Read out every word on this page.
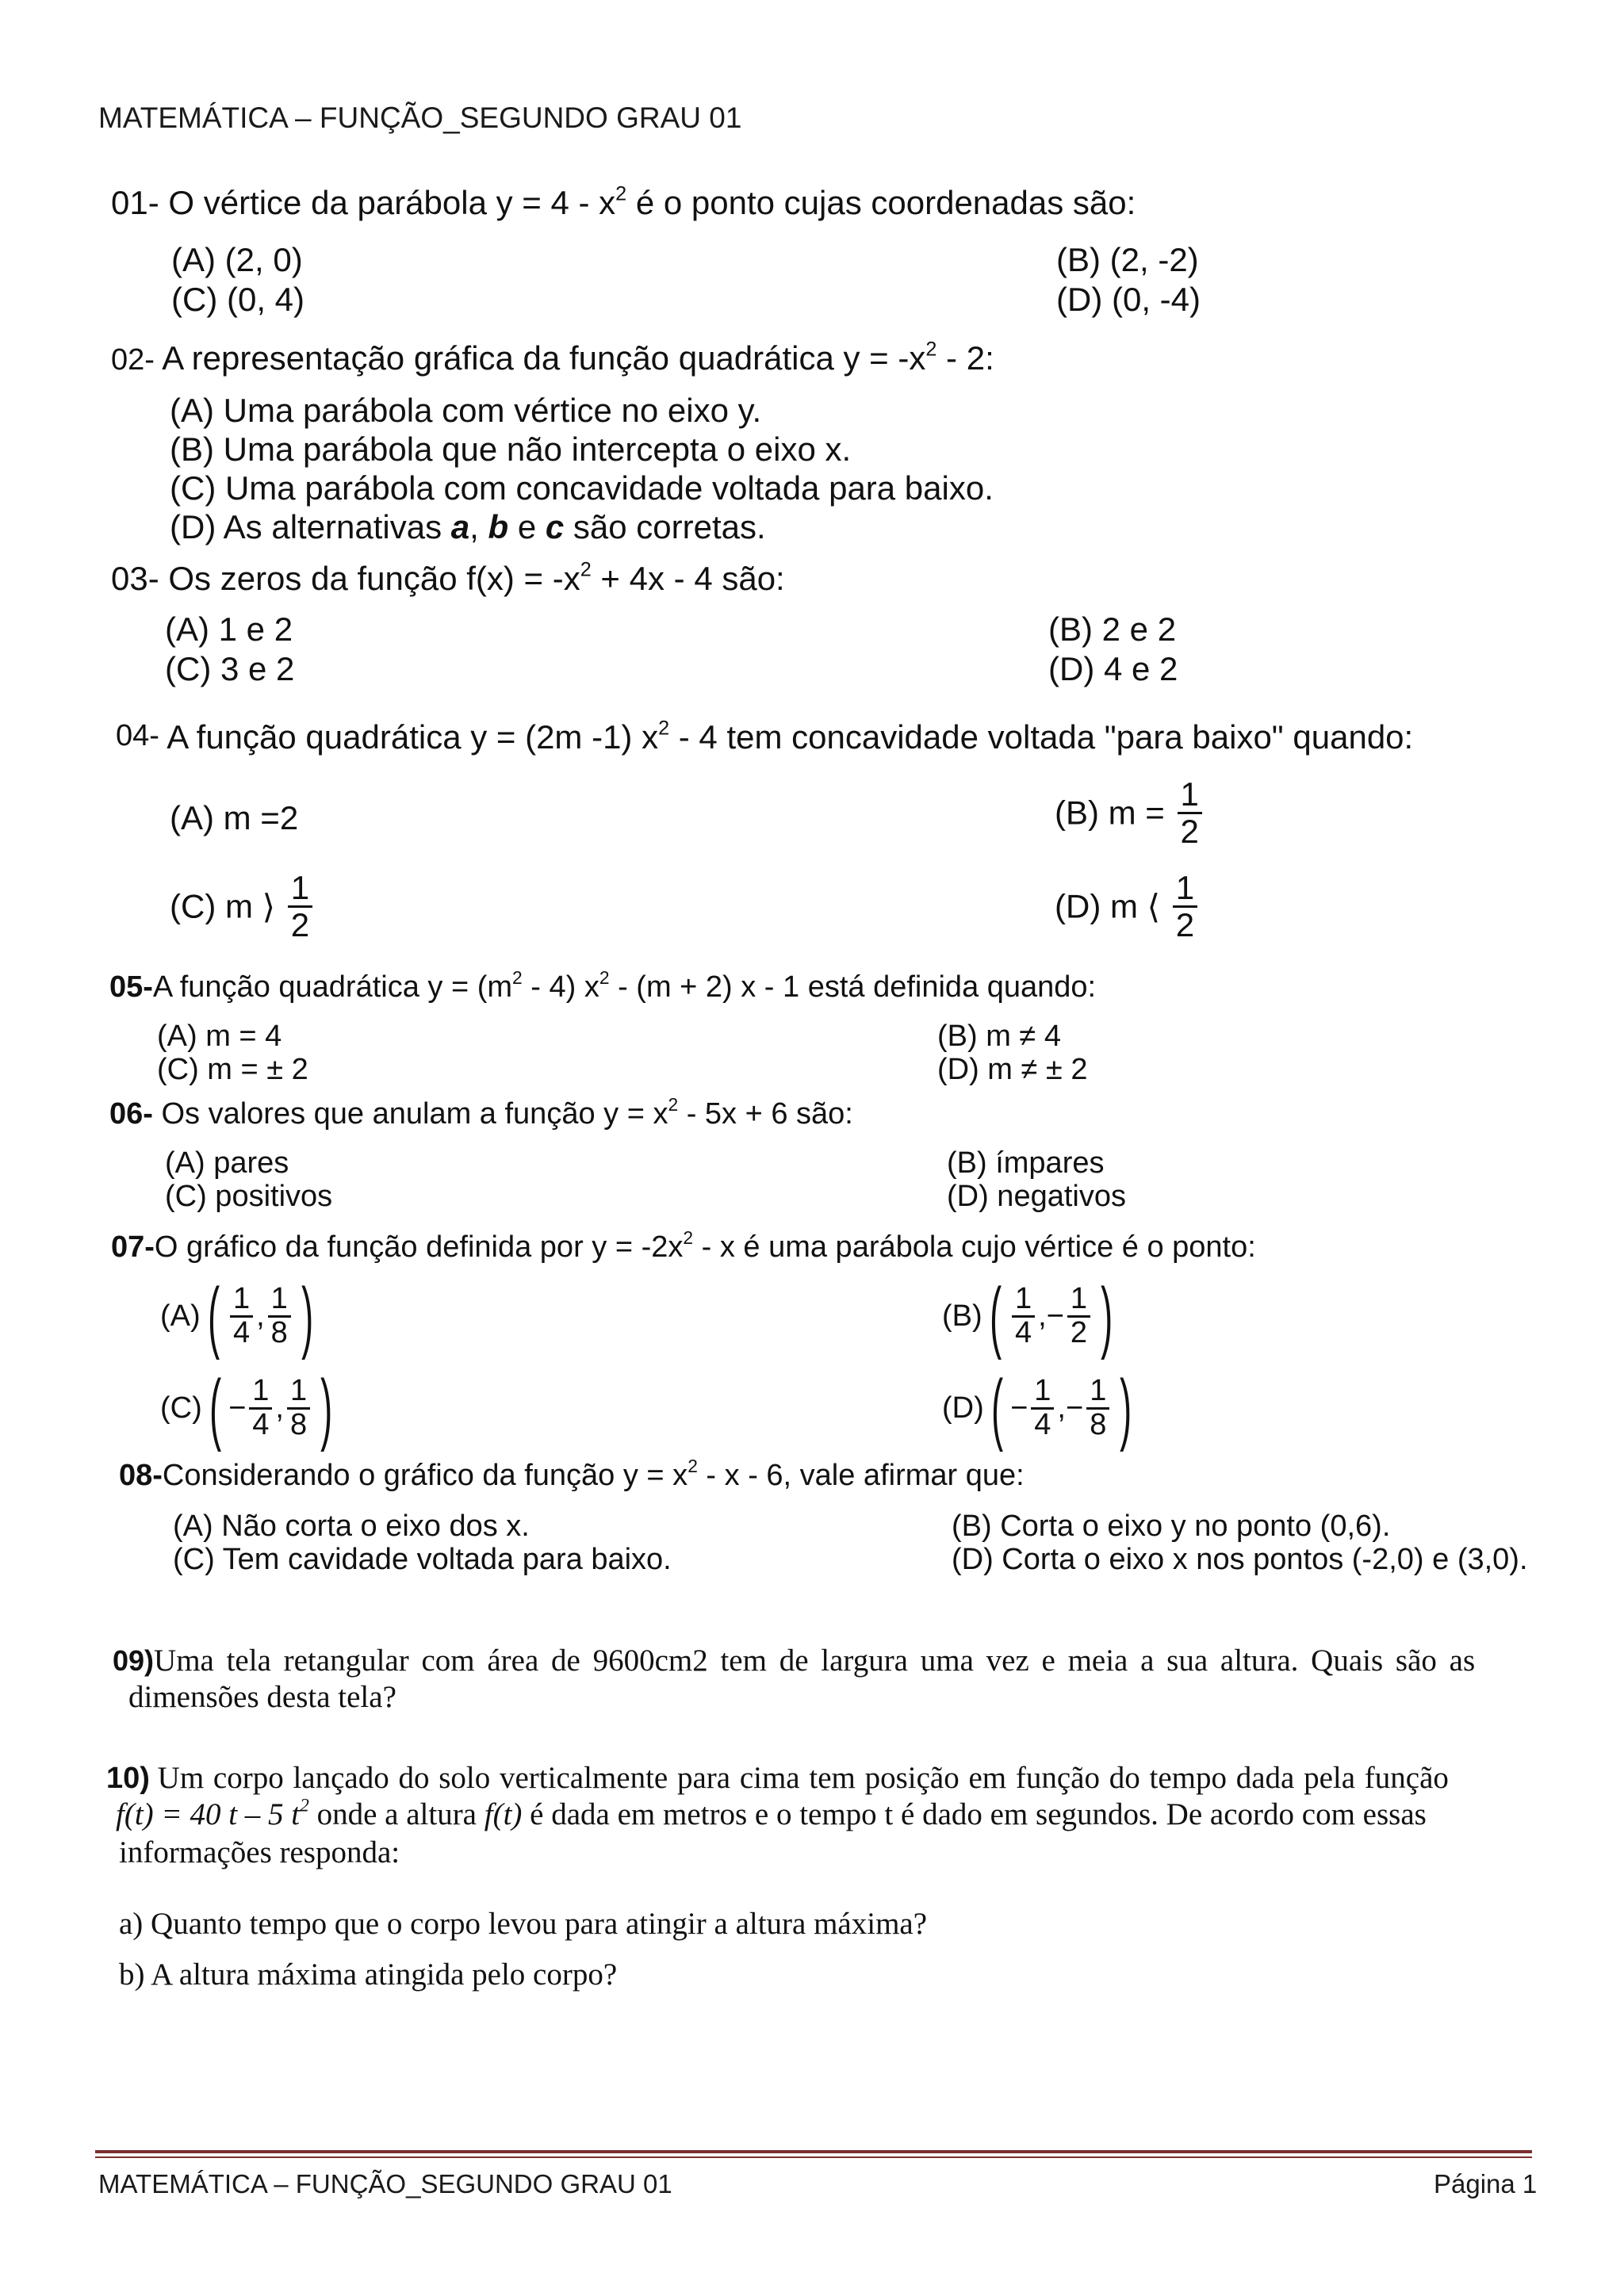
MATEMÁTICA – FUNÇÃO_SEGUNDO GRAU 01
01- O vértice da parábola $y = 4 - x^2$ é o ponto cujas coordenadas são:
(A) (2, 0)	(B) (2, -2)
(C) (0, 4)	(D) (0, -4)
02- A representação gráfica da função quadrática $y = -x^2 - 2$:
(A) Uma parábola com vértice no eixo y.
(B) Uma parábola que não intercepta o eixo x.
(C) Uma parábola com concavidade voltada para baixo.
(D) As alternativas a, b e c são corretas.
03- Os zeros da função $f(x) = -x^2 + 4x - 4$ são:
(A) 1 e 2	(B) 2 e 2
(C) 3 e 2	(D) 4 e 2
04- A função quadrática y = (2m -1) $x^2 - 4$ tem concavidade voltada "para baixo" quando:
(A) m =2	(B) $m = \frac{1}{2}$
(C) m ⟩ $\frac{1}{2}$	(D) m ⟨ $\frac{1}{2}$
05-A função quadrática $y = (m^2 - 4)$ $x^2 - (m + 2)$ x - 1 está definida quando:
(A) m = 4	(B) m ≠ 4
(C) m = ± 2	(D) m ≠ ± 2
06- Os valores que anulam a função $y = x^2 - 5x + 6$ são:
(A) pares	(B) ímpares
(C) positivos	(D) negativos
07-O gráfico da função definida por $y = -2x^2 - x$ é uma parábola cujo vértice é o ponto:
(A) ( $\frac{1}{4}$ , $\frac{1}{8}$ )	(B) ( $\frac{1}{4}$ , − $\frac{1}{2}$ )
(C) ( − $\frac{1}{4}$ , $\frac{1}{8}$ )	(D) ( − $\frac{1}{4}$ , − $\frac{1}{8}$ )
08-Considerando o gráfico da função $y = x^2 - x - 6$, vale afirmar que:
(A) Não corta o eixo dos x.	(B) Corta o eixo y no ponto (0,6).
(C) Tem cavidade voltada para baixo.	(D) Corta o eixo x nos pontos (-2,0) e (3,0).
09)Uma tela retangular com área de 9600cm2 tem de largura uma vez e meia a sua altura. Quais são as
dimensões desta tela?
10) Um corpo lançado do solo verticalmente para cima tem posição em função do tempo dada pela função
f(t) = 40 t – 5 $t^2$ onde a altura f(t) é dada em metros e o tempo t é dado em segundos. De acordo com essas
informações responda:
a) Quanto tempo que o corpo levou para atingir a altura máxima?
b) A altura máxima atingida pelo corpo?
MATEMÁTICA – FUNÇÃO_SEGUNDO GRAU 01	Página 1
